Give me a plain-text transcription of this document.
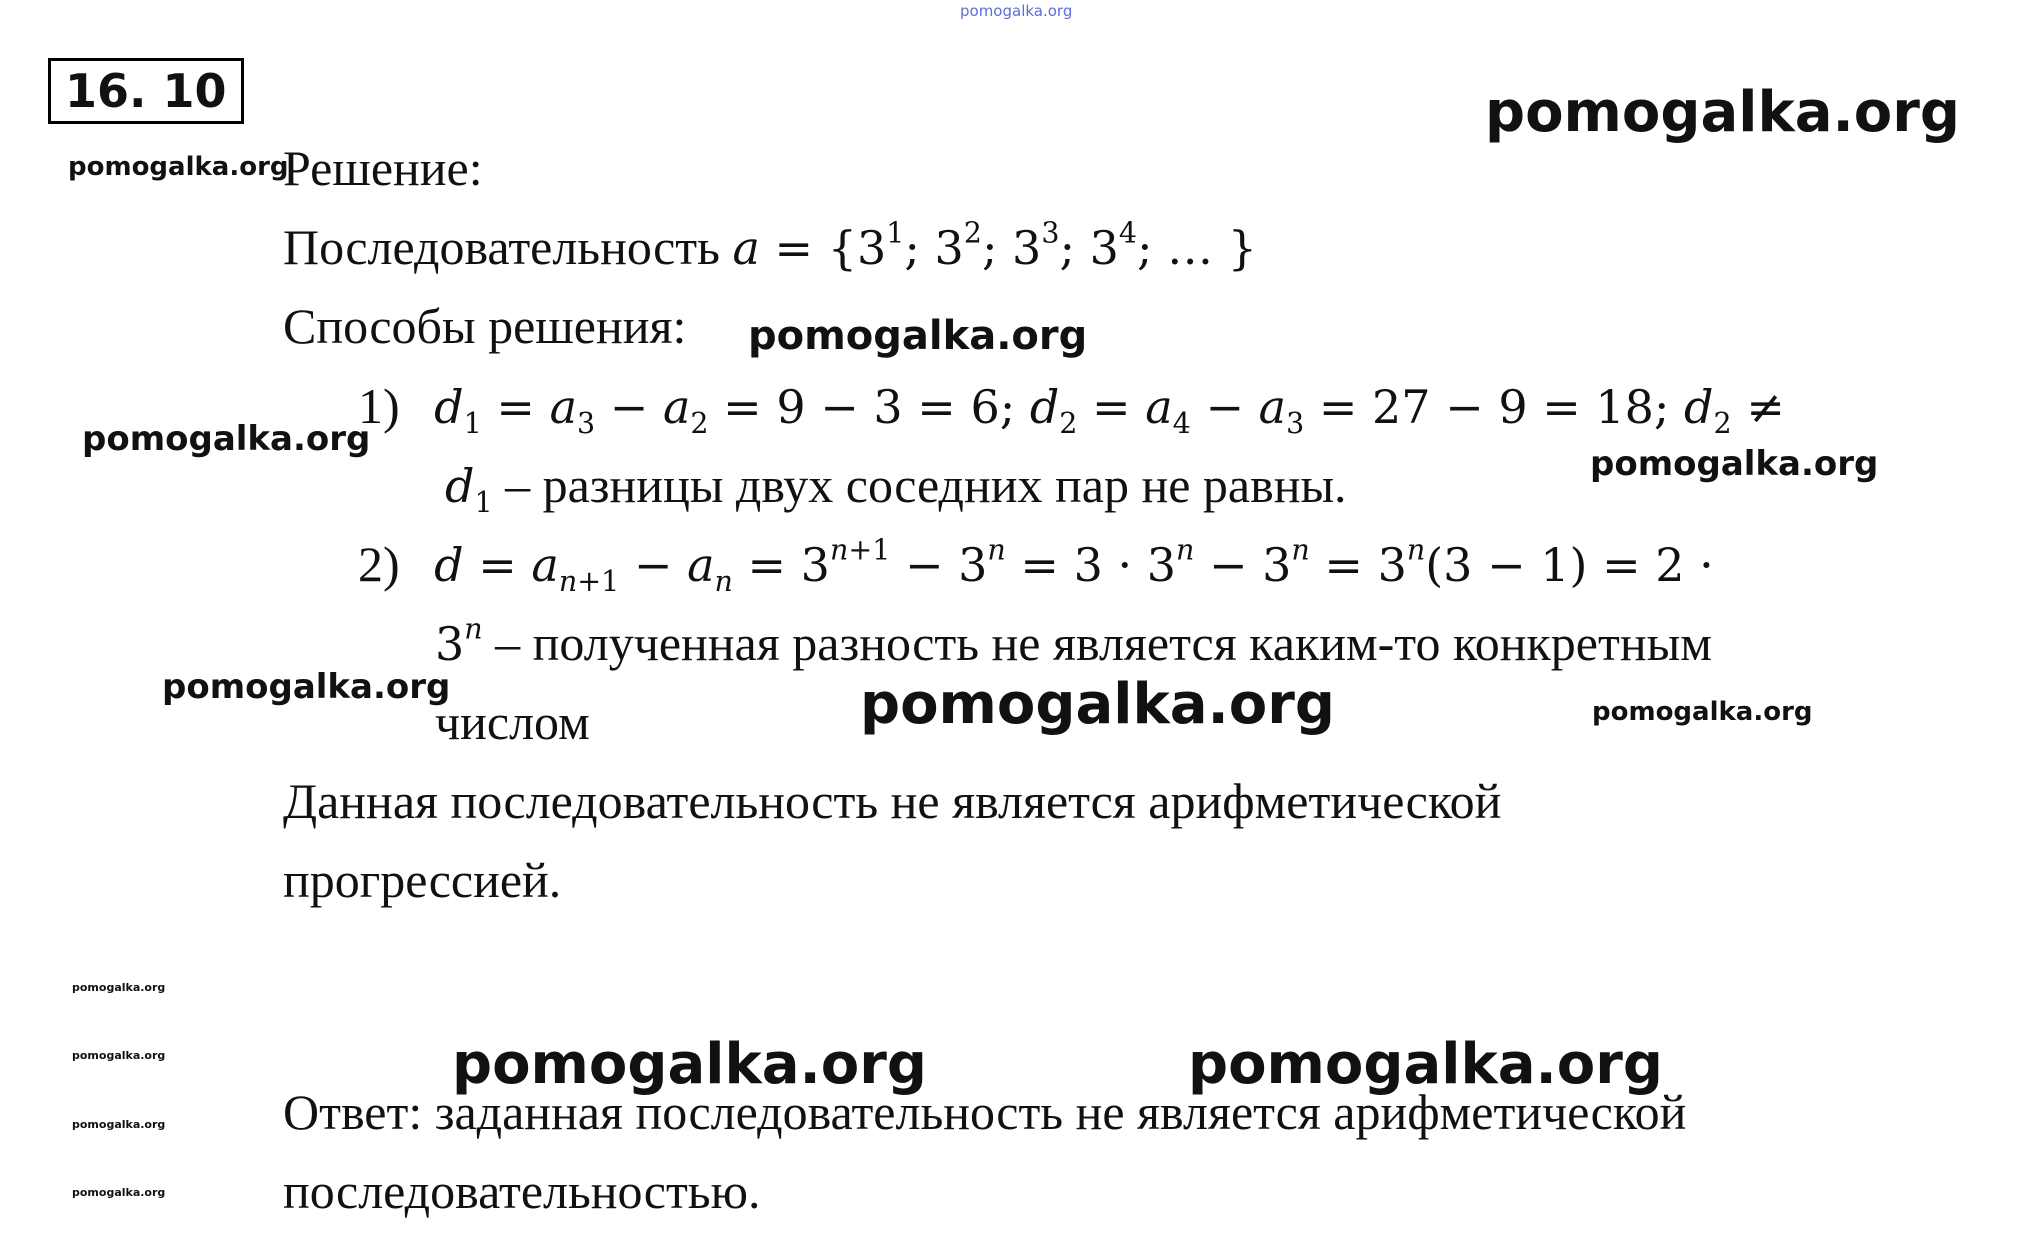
pomogalka.org
16. 10	pomogalka.org
pomogalka.org
Решение:
Последовательность $a = \{3^1$; $3^2$; $3^3$; $3^4$; … }
Способы решения: pomogalka.org
pomogalka.org
1) $d_1 = a_3 - a_2 = 9 - 3 = 6$; $d_2 = a_4 - a_3 = 27 - 9 = 18$; $d_2$ ≠
$d_1$ – разницы двух соседних пар не равны.	pomogalka.org
2) $d = a_{n+1} - a_n = 3^{n+1} - 3^n = 3 \cdot 3^n - 3^n = 3^n(3 - 1) = 2$ ·
$3^n$ – полученная разность не является каким-то конкретным
числом
pomogalka.org	pomogalka.org	pomogalka.org
Данная последовательность не является арифметической
прогрессией.
pomogalka.org
pomogalka.org
pomogalka.org
pomogalka.org
pomogalka.org	pomogalka.org
Ответ: заданная последовательность не является арифметической
последовательностью.
